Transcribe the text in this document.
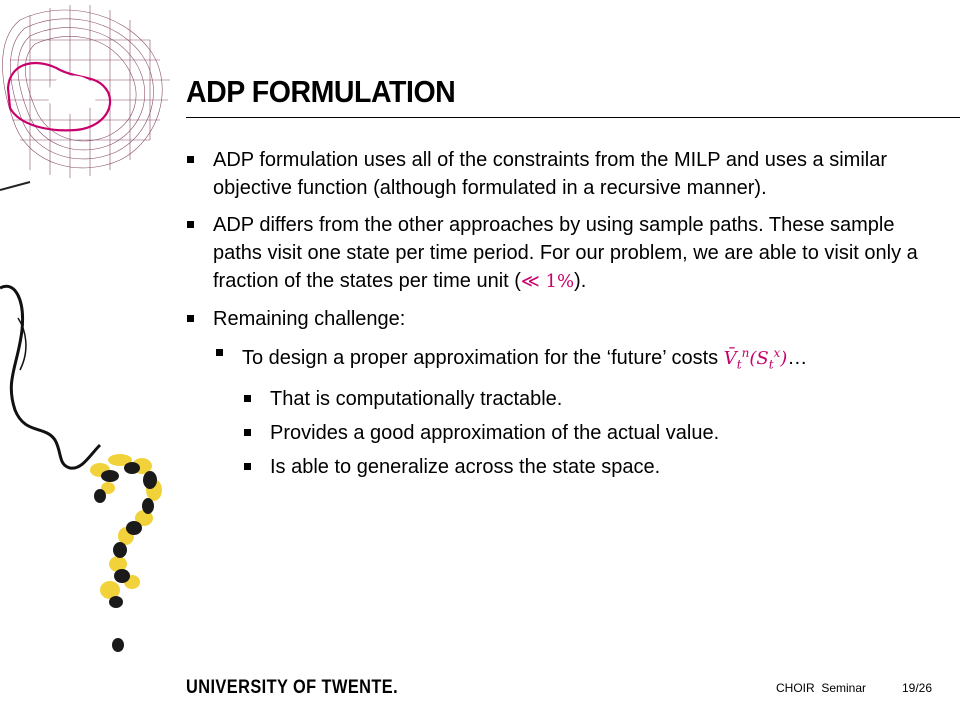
ADP FORMULATION
ADP formulation uses all of the constraints from the MILP and uses a similar objective function (although formulated in a recursive manner).
ADP differs from the other approaches by using sample paths. These sample paths visit one state per time period. For our problem, we are able to visit only a fraction of the states per time unit (≪ 1%).
Remaining challenge:
To design a proper approximation for the ‘future’ costs $V̄_t^n(S_t^x)\dots$
That is computationally tractable.
Provides a good approximation of the actual value.
Is able to generalize across the state space.
UNIVERSITY OF TWENTE.	CHOIR  Seminar	19/26
